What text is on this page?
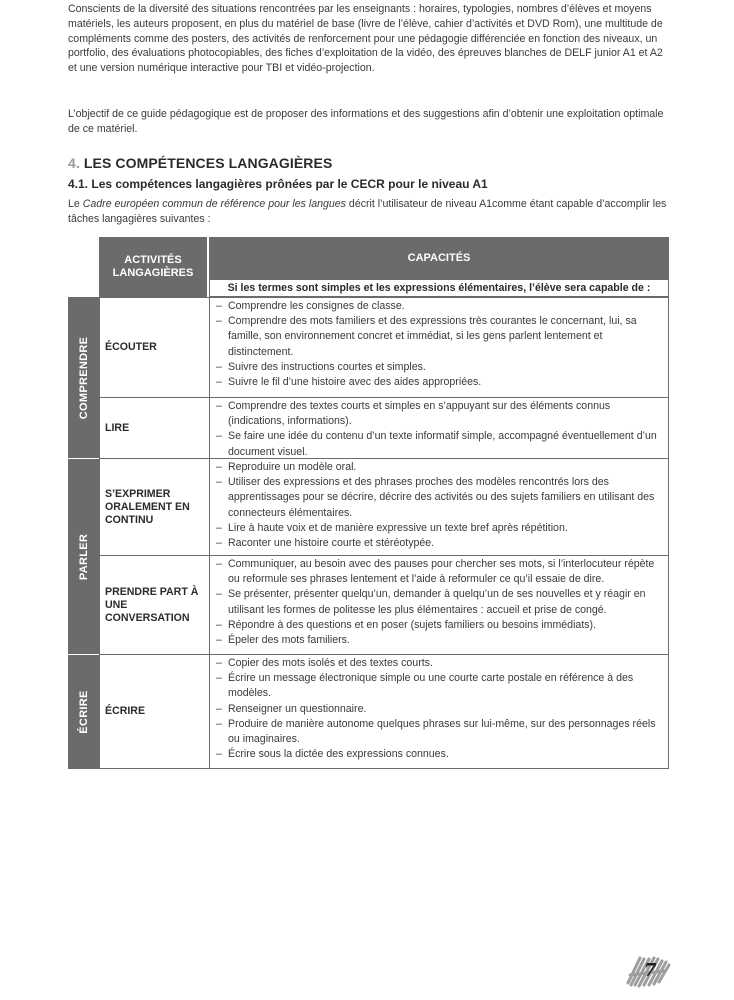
Conscients de la diversité des situations rencontrées par les enseignants : horaires, typologies, nombres d’élèves et moyens matériels, les auteurs proposent, en plus du matériel de base (livre de l’élève, cahier d’activités et DVD Rom), une multitude de compléments comme des posters, des activités de renforcement pour une pédagogie différenciée en fonction des niveaux, un portfolio, des évaluations photocopiables, des fiches d’exploitation de la vidéo, des épreuves blanches de DELF junior A1 et A2 et une version numérique interactive pour TBI et vidéo-projection.

L’objectif de ce guide pédagogique est de proposer des informations et des suggestions afin d’obtenir une exploitation optimale de ce matériel.

4. LES COMPÉTENCES LANGAGIÈRES
4.1. Les compétences langagières prônées par le CECR pour le niveau A1

Le Cadre européen commun de référence pour les langues décrit l’utilisateur de niveau A1comme étant capable d’accomplir les tâches langagières suivantes :

ACTIVITÉS LANGAGIÈRES
CAPACITÉS
Si les termes sont simples et les expressions élémentaires, l’élève sera capable de :
COMPRENDRE
PARLER
ÉCRIRE
ÉCOUTER
– Comprendre les consignes de classe.
– Comprendre des mots familiers et des expressions très courantes le concernant, lui, sa famille, son environnement concret et immédiat, si les gens parlent lentement et distinctement.
– Suivre des instructions courtes et simples.
– Suivre le fil d’une histoire avec des aides appropriées.
LIRE
– Comprendre des textes courts et simples en s’appuyant sur des éléments connus (indications, informations).
– Se faire une idée du contenu d’un texte informatif simple, accompagné éventuellement d’un document visuel.
S’EXPRIMER ORALEMENT EN CONTINU
– Reproduire un modèle oral.
– Utiliser des expressions et des phrases proches des modèles rencontrés lors des apprentissages pour se décrire, décrire des activités ou des sujets familiers en utilisant des connecteurs élémentaires.
– Lire à haute voix et de manière expressive un texte bref après répétition.
– Raconter une histoire courte et stéréotypée.
PRENDRE PART À UNE CONVERSATION
– Communiquer, au besoin avec des pauses pour chercher ses mots, si l’interlocuteur répète ou reformule ses phrases lentement et l’aide à reformuler ce qu’il essaie de dire.
– Se présenter, présenter quelqu’un, demander à quelqu’un de ses nouvelles et y réagir en utilisant les formes de politesse les plus élémentaires : accueil et prise de congé.
– Répondre à des questions et en poser (sujets familiers ou besoins immédiats).
– Épeler des mots familiers.
ÉCRIRE
– Copier des mots isolés et des textes courts.
– Écrire un message électronique simple ou une courte carte postale en référence à des modèles.
– Renseigner un questionnaire.
– Produire de manière autonome quelques phrases sur lui-même, sur des personnages réels ou imaginaires.
– Écrire sous la dictée des expressions connues.
7
